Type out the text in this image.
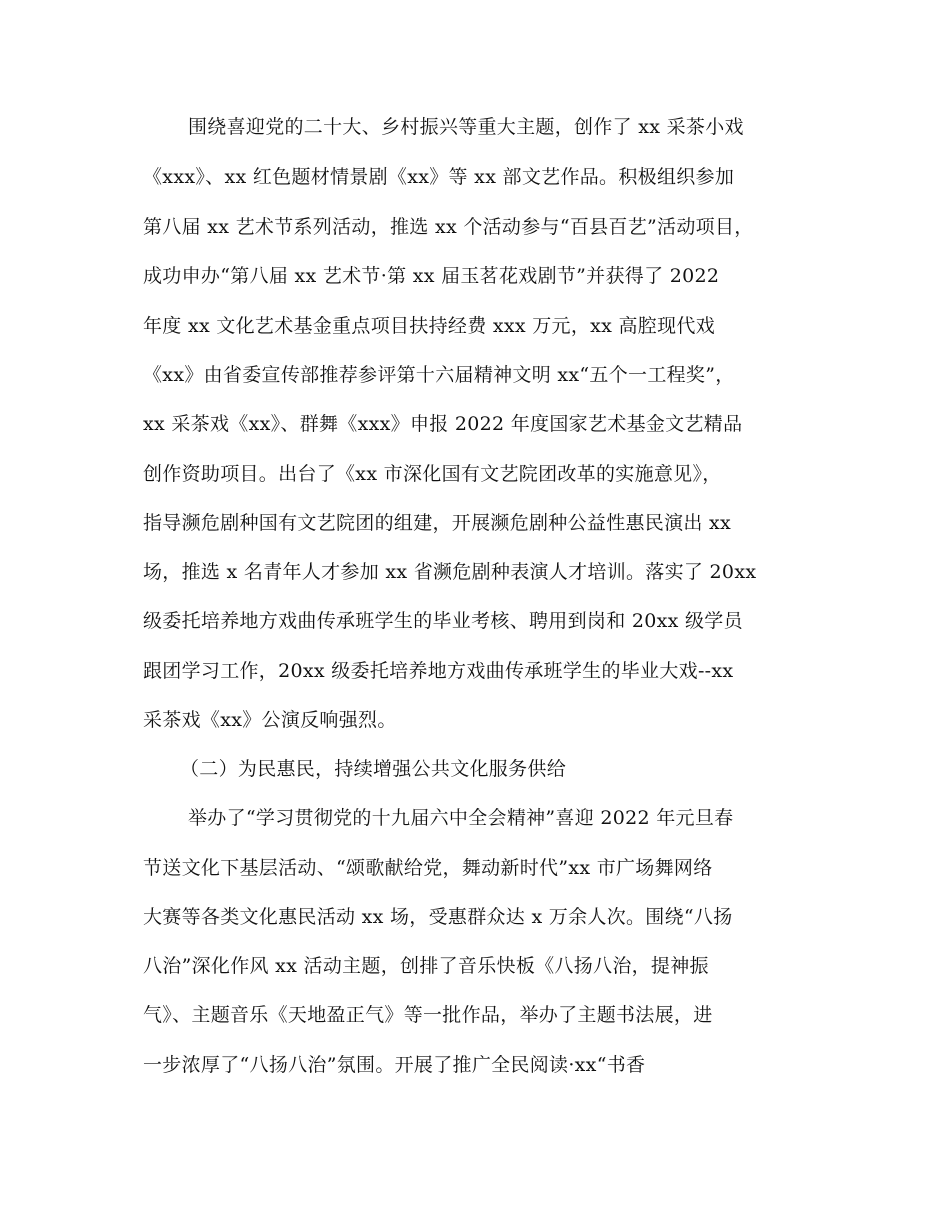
围绕喜迎党的二十大、乡村振兴等重大主题，创作了 xx 采茶小戏
《xxx》、xx 红色题材情景剧《xx》等 xx 部文艺作品。积极组织参加
第八届 xx 艺术节系列活动，推选 xx 个活动参与“百县百艺”活动项目，
成功申办“第八届 xx 艺术节·第 xx 届玉茗花戏剧节”并获得了 2022
年度 xx 文化艺术基金重点项目扶持经费 xxx 万元，xx 高腔现代戏
《xx》由省委宣传部推荐参评第十六届精神文明 xx“五个一工程奖”，
xx 采茶戏《xx》、群舞《xxx》申报 2022 年度国家艺术基金文艺精品
创作资助项目。出台了《xx 市深化国有文艺院团改革的实施意见》，
指导濒危剧种国有文艺院团的组建，开展濒危剧种公益性惠民演出 xx
场，推选 x 名青年人才参加 xx 省濒危剧种表演人才培训。落实了 20xx
级委托培养地方戏曲传承班学生的毕业考核、聘用到岗和 20xx 级学员
跟团学习工作，20xx 级委托培养地方戏曲传承班学生的毕业大戏--xx
采茶戏《xx》公演反响强烈。
（二）为民惠民，持续增强公共文化服务供给
举办了“学习贯彻党的十九届六中全会精神”喜迎 2022 年元旦春
节送文化下基层活动、“颂歌献给党，舞动新时代”xx 市广场舞网络
大赛等各类文化惠民活动 xx 场，受惠群众达 x 万余人次。围绕“八扬
八治”深化作风 xx 活动主题，创排了音乐快板《八扬八治，提神振
气》、主题音乐《天地盈正气》等一批作品，举办了主题书法展，进
一步浓厚了“八扬八治”氛围。开展了推广全民阅读·xx“书香
